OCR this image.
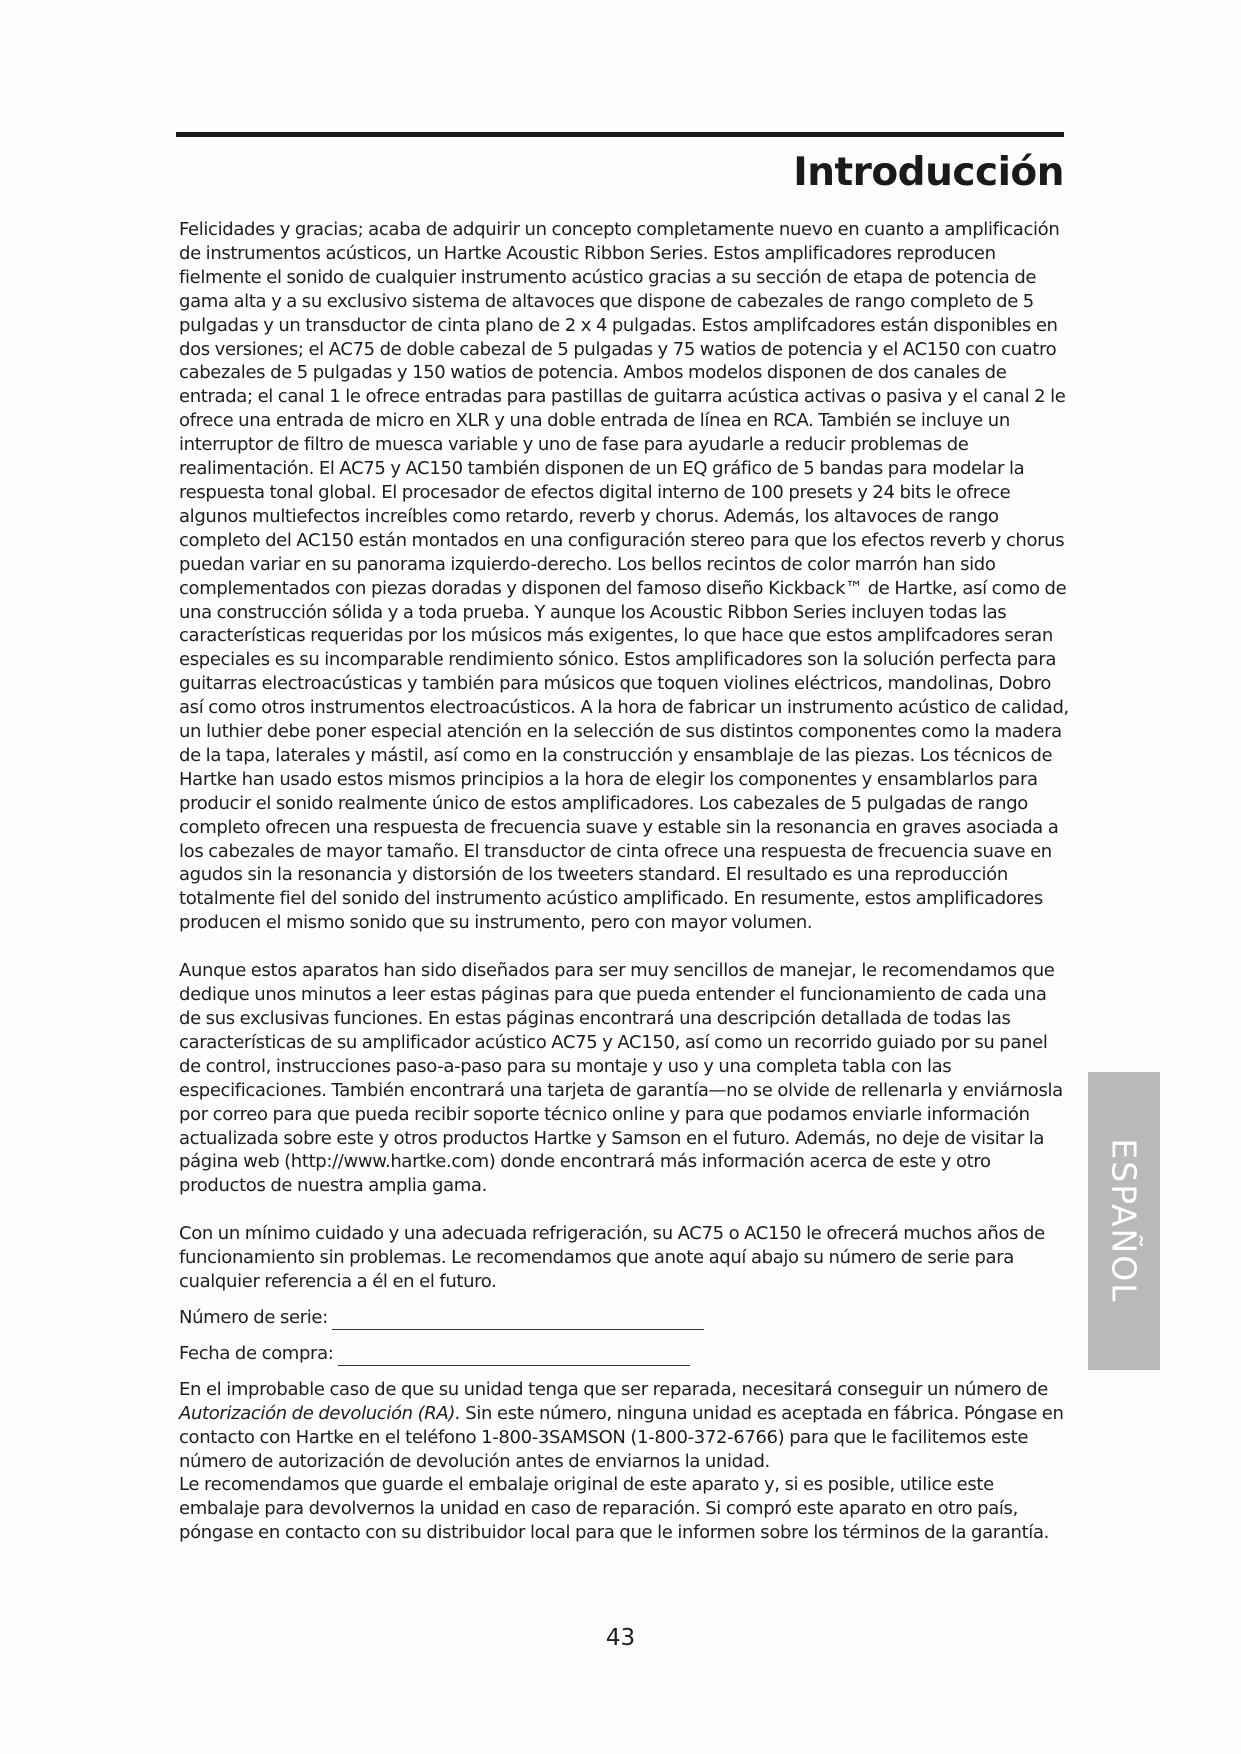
Introducción

Felicidades y gracias; acaba de adquirir un concepto completamente nuevo en cuanto a amplificación de instrumentos acústicos, un Hartke Acoustic Ribbon Series. Estos amplificadores reproducen fielmente el sonido de cualquier instrumento acústico gracias a su sección de etapa de potencia de gama alta y a su exclusivo sistema de altavoces que dispone de cabezales de rango completo de 5 pulgadas y un transductor de cinta plano de 2 x 4 pulgadas. Estos amplifcadores están disponibles en dos versiones; el AC75 de doble cabezal de 5 pulgadas y 75 watios de potencia y el AC150 con cuatro cabezales de 5 pulgadas y 150 watios de potencia. Ambos modelos disponen de dos canales de entrada; el canal 1 le ofrece entradas para pastillas de guitarra acústica activas o pasiva y el canal 2 le ofrece una entrada de micro en XLR y una doble entrada de línea en RCA. También se incluye un interruptor de filtro de muesca variable y uno de fase para ayudarle a reducir problemas de realimentación. El AC75 y AC150 también disponen de un EQ gráfico de 5 bandas para modelar la respuesta tonal global. El procesador de efectos digital interno de 100 presets y 24 bits le ofrece algunos multiefectos increíbles como retardo, reverb y chorus. Además, los altavoces de rango completo del AC150 están montados en una configuración stereo para que los efectos reverb y chorus puedan variar en su panorama izquierdo-derecho. Los bellos recintos de color marrón han sido complementados con piezas doradas y disponen del famoso diseño Kickback™ de Hartke, así como de una construcción sólida y a toda prueba. Y aunque los Acoustic Ribbon Series incluyen todas las características requeridas por los músicos más exigentes, lo que hace que estos amplifcadores seran especiales es su incomparable rendimiento sónico. Estos amplificadores son la solución perfecta para guitarras electroacústicas y también para músicos que toquen violines eléctricos, mandolinas, Dobro así como otros instrumentos electroacústicos. A la hora de fabricar un instrumento acústico de calidad, un luthier debe poner especial atención en la selección de sus distintos componentes como la madera de la tapa, laterales y mástil, así como en la construcción y ensamblaje de las piezas. Los técnicos de Hartke han usado estos mismos principios a la hora de elegir los componentes y ensamblarlos para producir el sonido realmente único de estos amplificadores. Los cabezales de 5 pulgadas de rango completo ofrecen una respuesta de frecuencia suave y estable sin la resonancia en graves asociada a los cabezales de mayor tamaño. El transductor de cinta ofrece una respuesta de frecuencia suave en agudos sin la resonancia y distorsión de los tweeters standard. El resultado es una reproducción totalmente fiel del sonido del instrumento acústico amplificado. En resumente, estos amplificadores producen el mismo sonido que su instrumento, pero con mayor volumen.

Aunque estos aparatos han sido diseñados para ser muy sencillos de manejar, le recomendamos que dedique unos minutos a leer estas páginas para que pueda entender el funcionamiento de cada una de sus exclusivas funciones. En estas páginas encontrará una descripción detallada de todas las características de su amplificador acústico AC75 y AC150, así como un recorrido guiado por su panel de control, instrucciones paso-a-paso para su montaje y uso y una completa tabla con las especificaciones. También encontrará una tarjeta de garantía—no se olvide de rellenarla y enviárnosla por correo para que pueda recibir soporte técnico online y para que podamos enviarle información actualizada sobre este y otros productos Hartke y Samson en el futuro. Además, no deje de visitar la página web (http://www.hartke.com) donde encontrará más información acerca de este y otro productos de nuestra amplia gama.

Con un mínimo cuidado y una adecuada refrigeración, su AC75 o AC150 le ofrecerá muchos años de funcionamiento sin problemas. Le recomendamos que anote aquí abajo su número de serie para cualquier referencia a él en el futuro.

Número de serie:

Fecha de compra:

En el improbable caso de que su unidad tenga que ser reparada, necesitará conseguir un número de Autorización de devolución (RA). Sin este número, ninguna unidad es aceptada en fábrica. Póngase en contacto con Hartke en el teléfono 1-800-3SAMSON (1-800-372-6766) para que le facilitemos este número de autorización de devolución antes de enviarnos la unidad.

Le recomendamos que guarde el embalaje original de este aparato y, si es posible, utilice este embalaje para devolvernos la unidad en caso de reparación. Si compró este aparato en otro país, póngase en contacto con su distribuidor local para que le informen sobre los términos de la garantía.

ESPAÑOL
43
